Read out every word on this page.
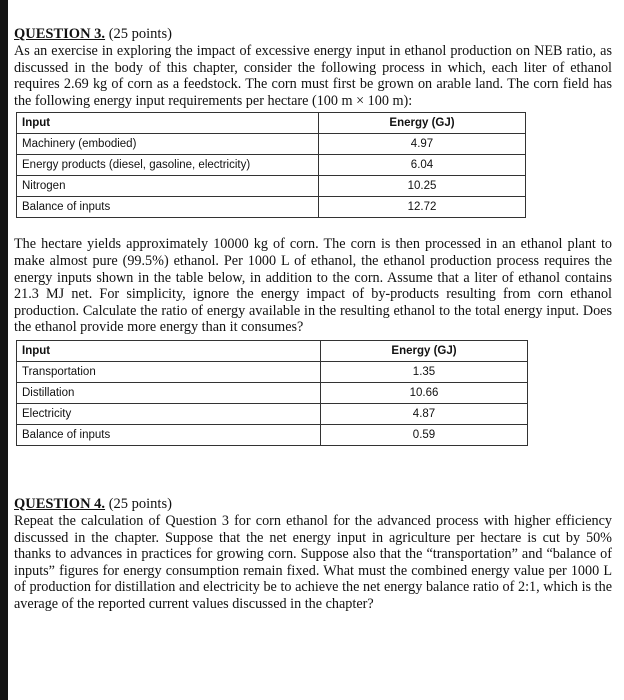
QUESTION 3. (25 points)

As an exercise in exploring the impact of excessive energy input in ethanol production on NEB ratio, as discussed in the body of this chapter, consider the following process in which, each liter of ethanol requires 2.69 kg of corn as a feedstock. The corn must first be grown on arable land. The corn field has the following energy input requirements per hectare (100 m × 100 m):

Input	Energy (GJ)
Machinery (embodied)	4.97
Energy products (diesel, gasoline, electricity)	6.04
Nitrogen	10.25
Balance of inputs	12.72

The hectare yields approximately 10000 kg of corn. The corn is then processed in an ethanol plant to make almost pure (99.5%) ethanol. Per 1000 L of ethanol, the ethanol production process requires the energy inputs shown in the table below, in addition to the corn. Assume that a liter of ethanol contains 21.3 MJ net. For simplicity, ignore the energy impact of by-products resulting from corn ethanol production. Calculate the ratio of energy available in the resulting ethanol to the total energy input. Does the ethanol provide more energy than it consumes?

Input	Energy (GJ)
Transportation	1.35
Distillation	10.66
Electricity	4.87
Balance of inputs	0.59

QUESTION 4. (25 points)

Repeat the calculation of Question 3 for corn ethanol for the advanced process with higher efficiency discussed in the chapter. Suppose that the net energy input in agriculture per hectare is cut by 50% thanks to advances in practices for growing corn. Suppose also that the “transportation” and “balance of inputs” figures for energy consumption remain fixed. What must the combined energy value per 1000 L of production for distillation and electricity be to achieve the net energy balance ratio of 2:1, which is the average of the reported current values discussed in the chapter?
